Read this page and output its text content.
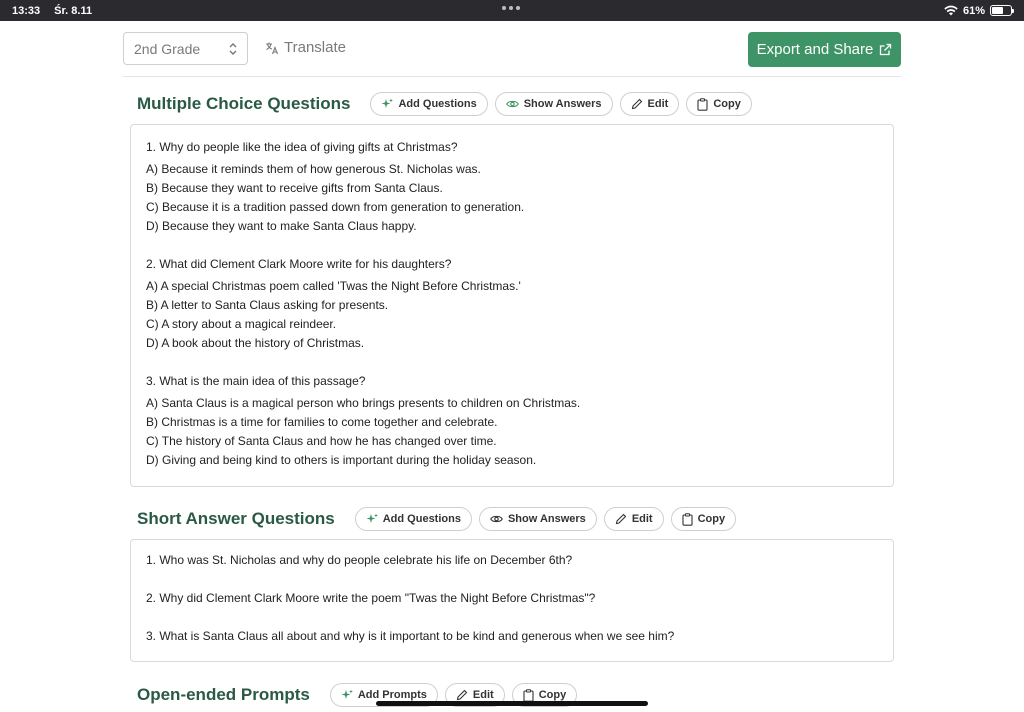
13:33 Śr. 8.11	61%
2nd Grade	Translate	Export and Share
Multiple Choice Questions	Add Questions	Show Answers	Edit	Copy
1. Why do people like the idea of giving gifts at Christmas?
A) Because it reminds them of how generous St. Nicholas was.
B) Because they want to receive gifts from Santa Claus.
C) Because it is a tradition passed down from generation to generation.
D) Because they want to make Santa Claus happy.
2. What did Clement Clark Moore write for his daughters?
A) A special Christmas poem called 'Twas the Night Before Christmas.'
B) A letter to Santa Claus asking for presents.
C) A story about a magical reindeer.
D) A book about the history of Christmas.
3. What is the main idea of this passage?
A) Santa Claus is a magical person who brings presents to children on Christmas.
B) Christmas is a time for families to come together and celebrate.
C) The history of Santa Claus and how he has changed over time.
D) Giving and being kind to others is important during the holiday season.
Short Answer Questions	Add Questions	Show Answers	Edit	Copy
1. Who was St. Nicholas and why do people celebrate his life on December 6th?
2. Why did Clement Clark Moore write the poem "Twas the Night Before Christmas"?
3. What is Santa Claus all about and why is it important to be kind and generous when we see him?
Open-ended Prompts	Add Prompts	Edit	Copy
